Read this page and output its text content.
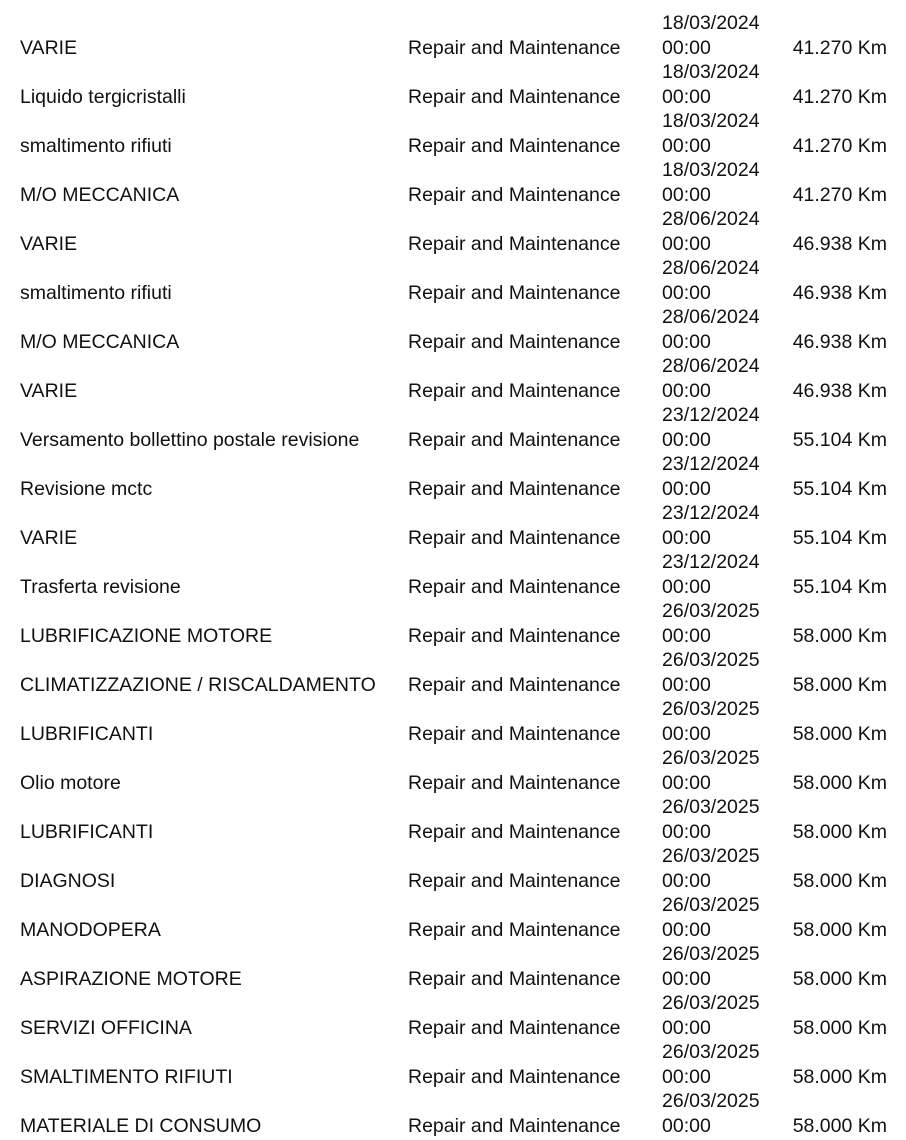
VARIE	Repair and Maintenance
18/03/2024
00:00	41.270 Km
Liquido tergicristalli	Repair and Maintenance
18/03/2024
00:00	41.270 Km
smaltimento rifiuti	Repair and Maintenance
18/03/2024
00:00	41.270 Km
M/O MECCANICA	Repair and Maintenance
18/03/2024
00:00	41.270 Km
VARIE	Repair and Maintenance
28/06/2024
00:00	46.938 Km
smaltimento rifiuti	Repair and Maintenance
28/06/2024
00:00	46.938 Km
M/O MECCANICA	Repair and Maintenance
28/06/2024
00:00	46.938 Km
VARIE	Repair and Maintenance
28/06/2024
00:00	46.938 Km
Versamento bollettino postale revisione Repair and Maintenance
23/12/2024
00:00	55.104 Km
Revisione mctc	Repair and Maintenance
23/12/2024
00:00	55.104 Km
VARIE	Repair and Maintenance
23/12/2024
00:00	55.104 Km
Trasferta revisione	Repair and Maintenance
23/12/2024
00:00	55.104 Km
LUBRIFICAZIONE MOTORE	Repair and Maintenance
26/03/2025
00:00	58.000 Km
CLIMATIZZAZIONE / RISCALDAMENTO Repair and Maintenance
26/03/2025
00:00	58.000 Km
LUBRIFICANTI	Repair and Maintenance
26/03/2025
00:00	58.000 Km
Olio motore	Repair and Maintenance
26/03/2025
00:00	58.000 Km
LUBRIFICANTI	Repair and Maintenance
26/03/2025
00:00	58.000 Km
DIAGNOSI	Repair and Maintenance
26/03/2025
00:00	58.000 Km
MANODOPERA	Repair and Maintenance
26/03/2025
00:00	58.000 Km
ASPIRAZIONE MOTORE	Repair and Maintenance
26/03/2025
00:00	58.000 Km
SERVIZI OFFICINA	Repair and Maintenance
26/03/2025
00:00	58.000 Km
SMALTIMENTO RIFIUTI	Repair and Maintenance
26/03/2025
00:00	58.000 Km
MATERIALE DI CONSUMO	Repair and Maintenance
26/03/2025
00:00	58.000 Km
